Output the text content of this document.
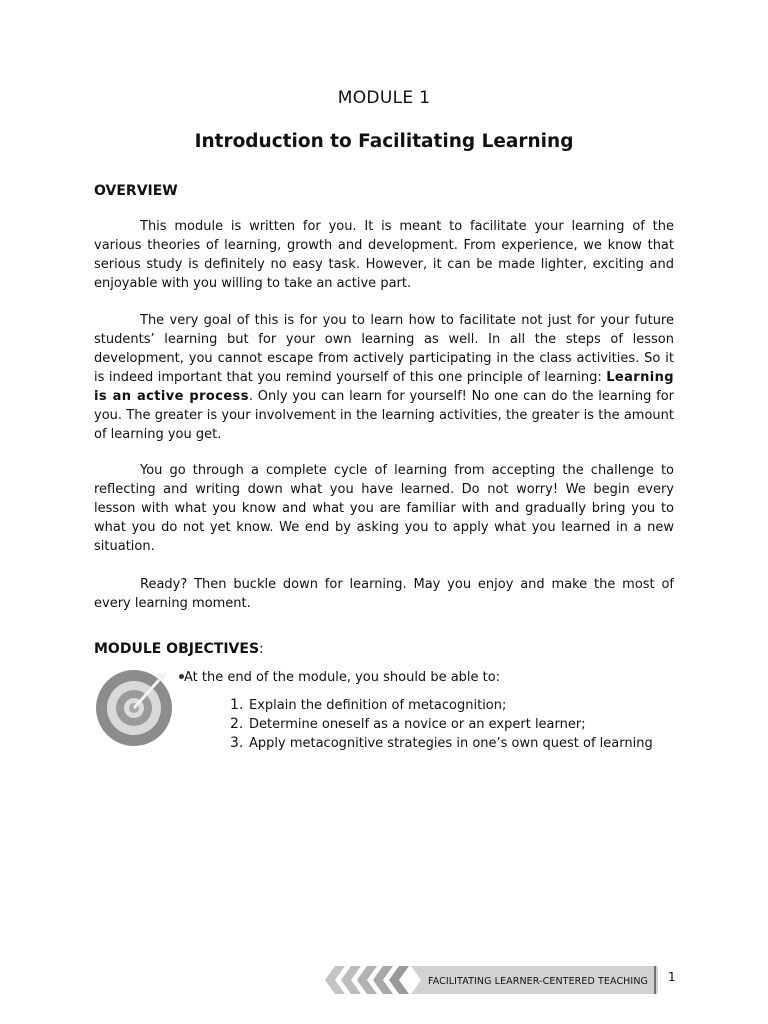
MODULE 1
Introduction to Facilitating Learning
OVERVIEW

This module is written for you. It is meant to facilitate your learning of the various theories of learning, growth and development. From experience, we know that serious study is definitely no easy task. However, it can be made lighter, exciting and enjoyable with you willing to take an active part.

The very goal of this is for you to learn how to facilitate not just for your future students’ learning but for your own learning as well. In all the steps of lesson development, you cannot escape from actively participating in the class activities. So it is indeed important that you remind yourself of this one principle of learning: Learning is an active process. Only you can learn for yourself! No one can do the learning for you. The greater is your involvement in the learning activities, the greater is the amount of learning you get.

You go through a complete cycle of learning from accepting the challenge to reflecting and writing down what you have learned. Do not worry! We begin every lesson with what you know and what you are familiar with and gradually bring you to what you do not yet know. We end by asking you to apply what you learned in a new situation.

Ready? Then buckle down for learning. May you enjoy and make the most of every learning moment.

MODULE OBJECTIVES:
At the end of the module, you should be able to:
1. Explain the definition of metacognition;
2. Determine oneself as a novice or an expert learner;
3. Apply metacognitive strategies in one’s own quest of learning
FACILITATING LEARNER-CENTERED TEACHING 1
